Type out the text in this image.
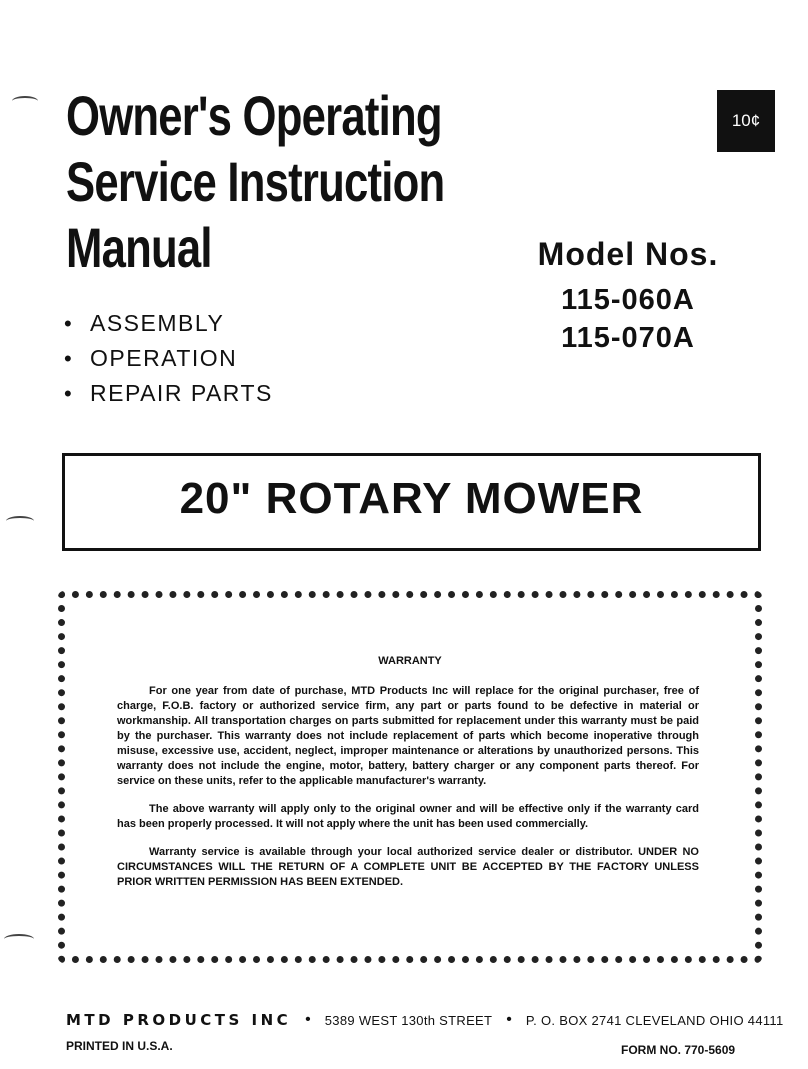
Owner's Operating
Service Instruction
Manual
10¢
• ASSEMBLY
• OPERATION
• REPAIR PARTS
Model Nos.
115-060A
115-070A
20" ROTARY MOWER
WARRANTY

For one year from date of purchase, MTD Products Inc will replace for the original purchaser, free of charge, F.O.B. factory or authorized service firm, any part or parts found to be defective in material or workmanship. All transportation charges on parts submitted for replacement under this warranty must be paid by the purchaser. This warranty does not include replacement of parts which become inoperative through misuse, excessive use, accident, neglect, improper maintenance or alterations by unauthorized persons. This warranty does not include the engine, motor, battery, battery charger or any component parts thereof. For service on these units, refer to the applicable manufacturer's warranty.

The above warranty will apply only to the original owner and will be effective only if the warranty card has been properly processed. It will not apply where the unit has been used commercially.

Warranty service is available through your local authorized service dealer or distributor. UNDER NO CIRCUMSTANCES WILL THE RETURN OF A COMPLETE UNIT BE ACCEPTED BY THE FACTORY UNLESS PRIOR WRITTEN PERMISSION HAS BEEN EXTENDED.

MTD PRODUCTS INC • 5389 WEST 130th STREET • P. O. BOX 2741 CLEVELAND OHIO 44111
PRINTED IN U.S.A.	FORM NO. 770-5609
